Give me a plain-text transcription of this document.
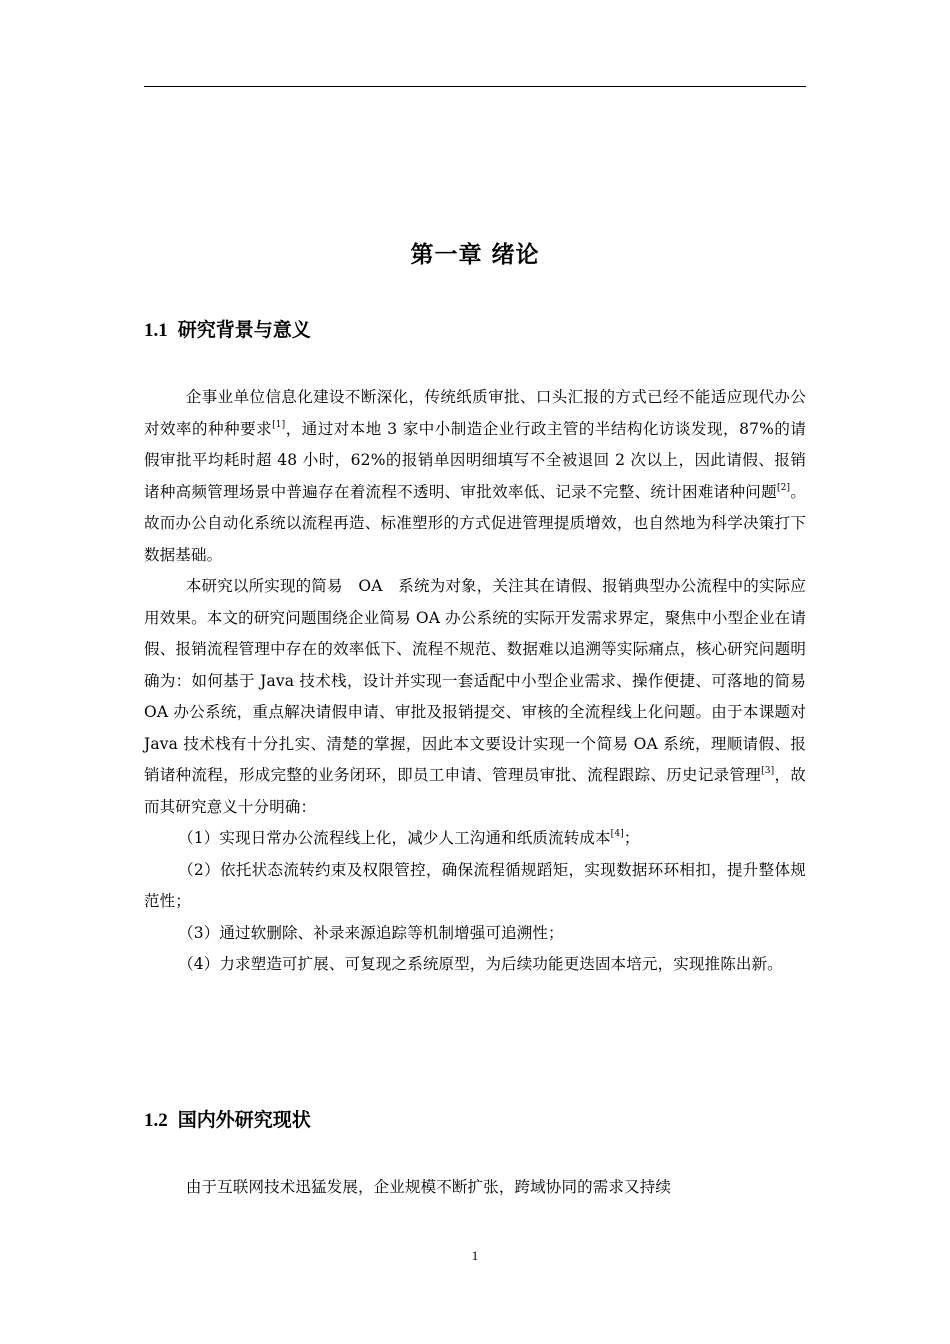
第一章 绪论
1.1 研究背景与意义

企事业单位信息化建设不断深化，传统纸质审批、口头汇报的方式已经不能适应现代办公对效率的种种要求[1]，通过对本地 3 家中小制造企业行政主管的半结构化访谈发现，87%的请假审批平均耗时超 48 小时，62%的报销单因明细填写不全被退回 2 次以上，因此请假、报销诸种高频管理场景中普遍存在着流程不透明、审批效率低、记录不完整、统计困难诸种问题[2]。故而办公自动化系统以流程再造、标准塑形的方式促进管理提质增效，也自然地为科学决策打下数据基础。

本研究以所实现的简易　OA　系统为对象，关注其在请假、报销典型办公流程中的实际应用效果。本文的研究问题围绕企业简易 OA 办公系统的实际开发需求界定，聚焦中小型企业在请假、报销流程管理中存在的效率低下、流程不规范、数据难以追溯等实际痛点，核心研究问题明确为：如何基于 Java 技术栈，设计并实现一套适配中小型企业需求、操作便捷、可落地的简易 OA 办公系统，重点解决请假申请、审批及报销提交、审核的全流程线上化问题。由于本课题对 Java 技术栈有十分扎实、清楚的掌握，因此本文要设计实现一个简易 OA 系统，理顺请假、报销诸种流程，形成完整的业务闭环，即员工申请、管理员审批、流程跟踪、历史记录管理[3]，故而其研究意义十分明确：

（1）实现日常办公流程线上化，减少人工沟通和纸质流转成本[4]；

（2）依托状态流转约束及权限管控，确保流程循规蹈矩，实现数据环环相扣，提升整体规范性；

（3）通过软删除、补录来源追踪等机制增强可追溯性；

（4）力求塑造可扩展、可复现之系统原型，为后续功能更迭固本培元，实现推陈出新。

1.2 国内外研究现状

由于互联网技术迅猛发展，企业规模不断扩张，跨域协同的需求又持续

1
